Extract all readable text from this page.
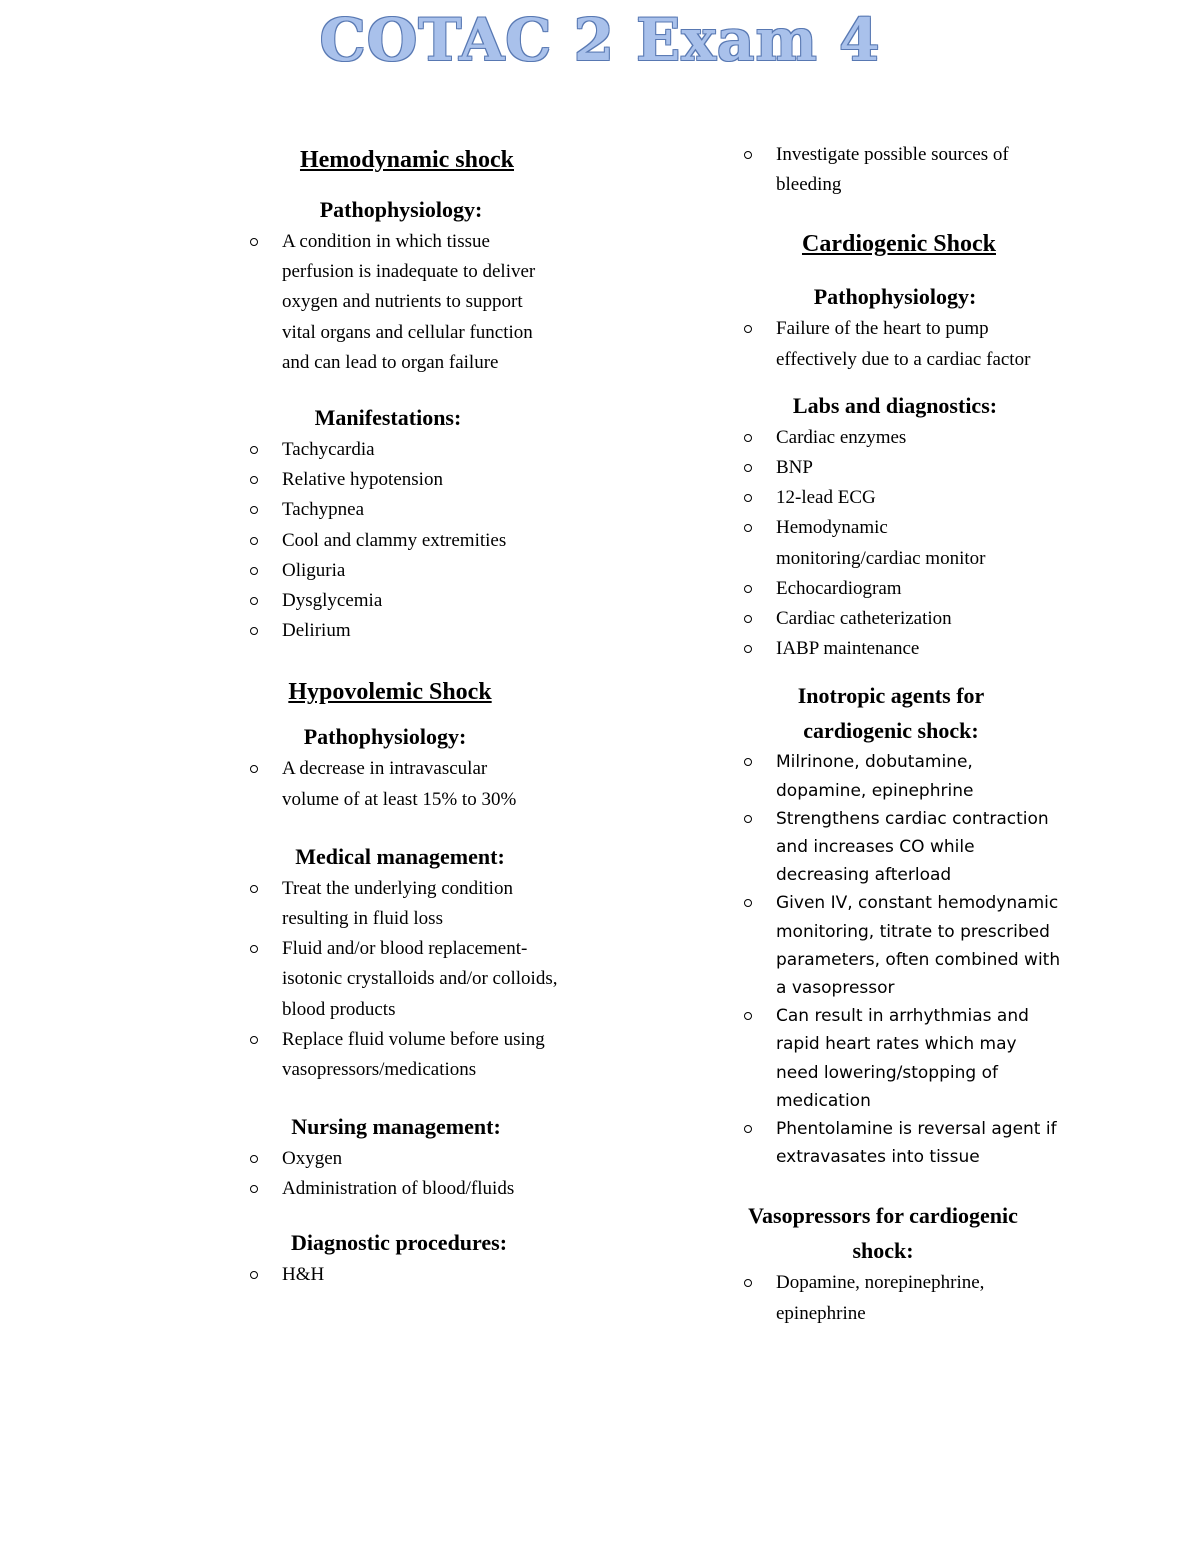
COTAC 2 Exam 4
Hemodynamic shock
Pathophysiology:
A condition in which tissue perfusion is inadequate to deliver oxygen and nutrients to support vital organs and cellular function and can lead to organ failure
Manifestations:
Tachycardia
Relative hypotension
Tachypnea
Cool and clammy extremities
Oliguria
Dysglycemia
Delirium
Hypovolemic Shock
Pathophysiology:
A decrease in intravascular volume of at least 15% to 30%
Medical management:
Treat the underlying condition resulting in fluid loss
Fluid and/or blood replacement- isotonic crystalloids and/or colloids, blood products
Replace fluid volume before using vasopressors/medications
Nursing management:
Oxygen
Administration of blood/fluids
Diagnostic procedures:
H&H
Investigate possible sources of bleeding
Cardiogenic Shock
Pathophysiology:
Failure of the heart to pump effectively due to a cardiac factor
Labs and diagnostics:
Cardiac enzymes
BNP
12-lead ECG
Hemodynamic monitoring/cardiac monitor
Echocardiogram
Cardiac catheterization
IABP maintenance
Inotropic agents for cardiogenic shock:
Milrinone, dobutamine, dopamine, epinephrine
Strengthens cardiac contraction and increases CO while decreasing afterload
Given IV, constant hemodynamic monitoring, titrate to prescribed parameters, often combined with a vasopressor
Can result in arrhythmias and rapid heart rates which may need lowering/stopping of medication
Phentolamine is reversal agent if extravasates into tissue
Vasopressors for cardiogenic shock:
Dopamine, norepinephrine, epinephrine
